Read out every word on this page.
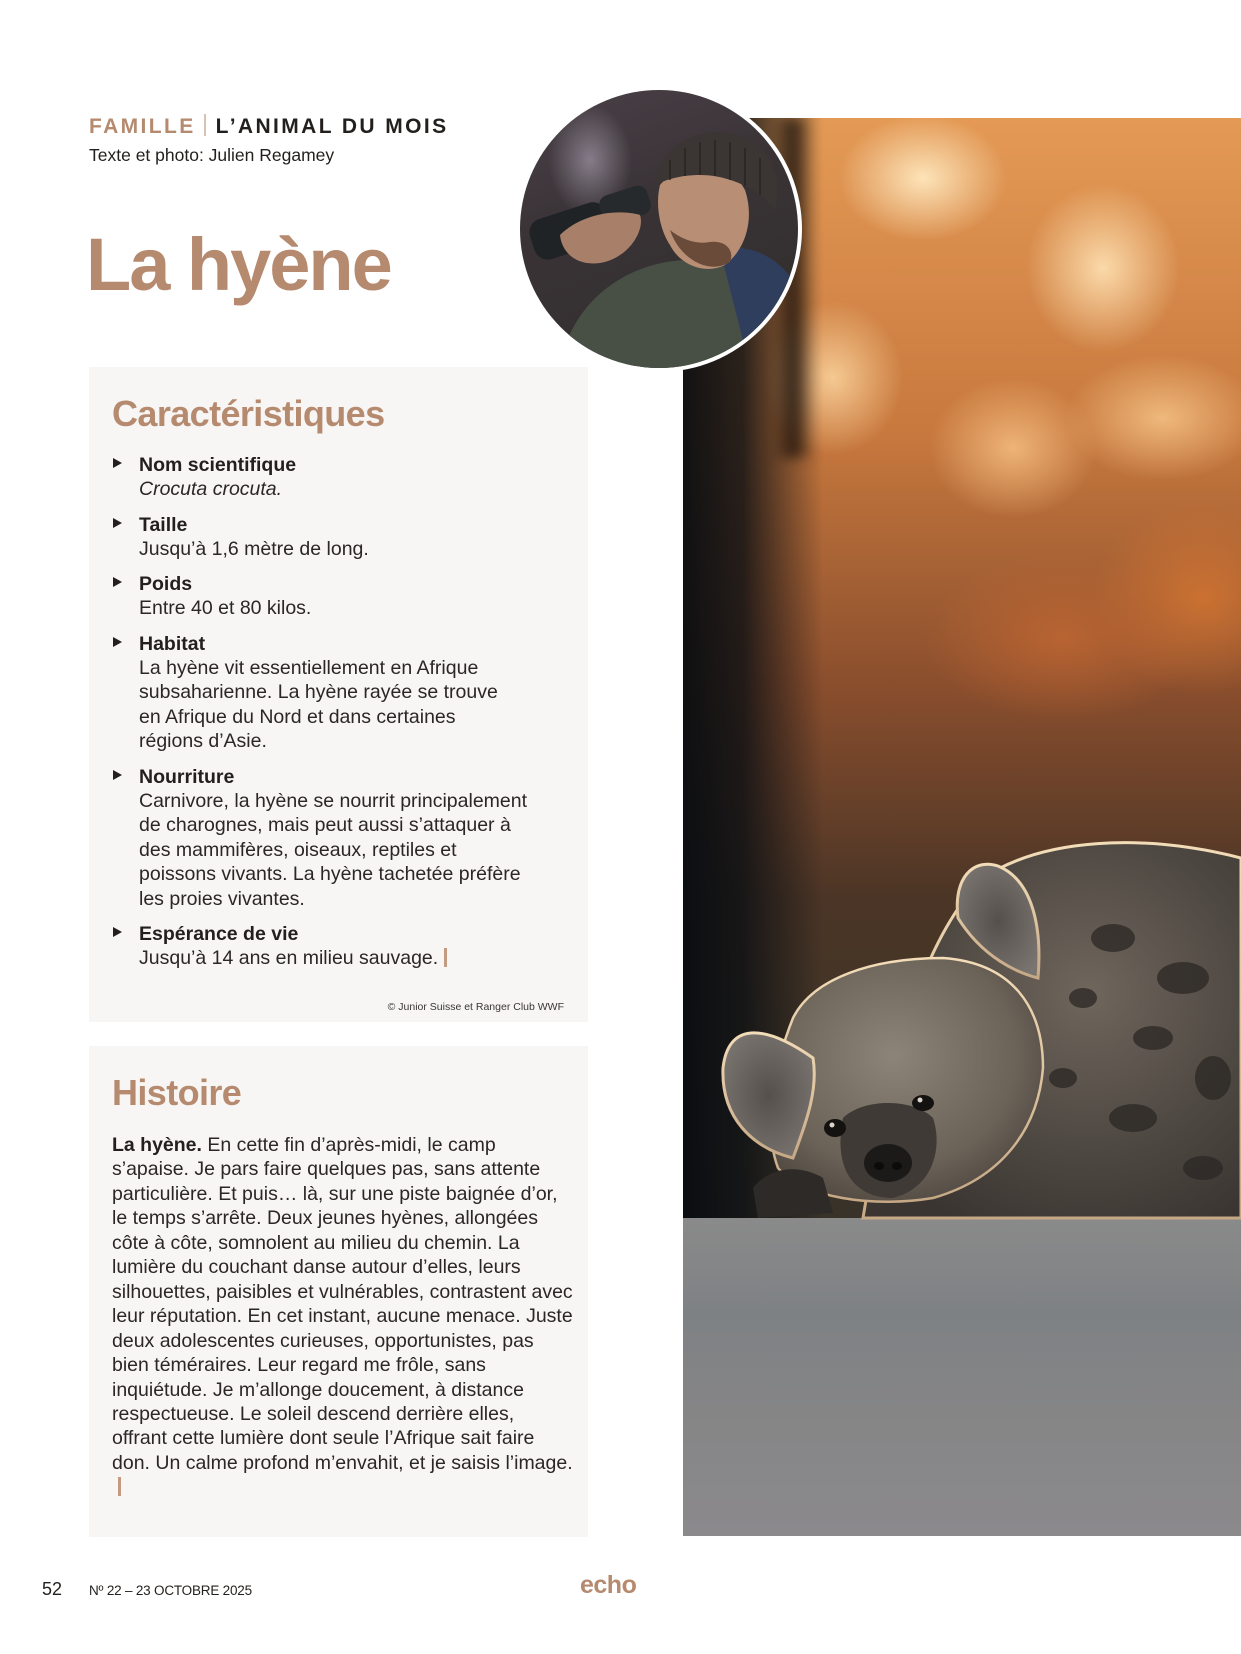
FAMILLE L’ANIMAL DU MOIS
Texte et photo: Julien Regamey
La hyène
Caractéristiques
Nom scientifique
Crocuta crocuta.
Taille
Jusqu’à 1,6 mètre de long.
Poids
Entre 40 et 80 kilos.
Habitat
La hyène vit essentiellement en Afrique subsaharienne. La hyène rayée se trouve en Afrique du Nord et dans certaines régions d’Asie.
Nourriture
Carnivore, la hyène se nourrit principalement de charognes, mais peut aussi s’attaquer à des mammifères, oiseaux, reptiles et poissons vivants. La hyène tachetée préfère les proies vivantes.
Espérance de vie
Jusqu’à 14 ans en milieu sauvage.
© Junior Suisse et Ranger Club WWF
Histoire
La hyène. En cette fin d’après-midi, le camp s’apaise. Je pars faire quelques pas, sans attente particulière. Et puis… là, sur une piste baignée d’or, le temps s’arrête. Deux jeunes hyènes, allongées côte à côte, somnolent au milieu du chemin. La lumière du couchant danse autour d’elles, leurs silhouettes, paisibles et vulnérables, contrastent avec leur réputation. En cet instant, aucune menace. Juste deux adolescentes curieuses, opportunistes, pas bien téméraires. Leur regard me frôle, sans inquiétude. Je m’allonge doucement, à distance respectueuse. Le soleil descend derrière elles, offrant cette lumière dont seule l’Afrique sait faire don. Un calme profond m’envahit, et je saisis l’image.
52 Nº 22 – 23 OCTOBRE 2025	echo
